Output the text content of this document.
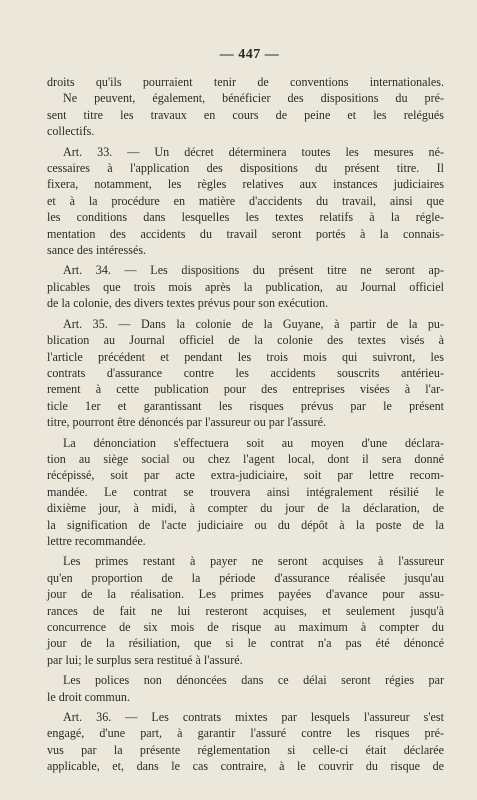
— 447 —
droits qu'ils pourraient tenir de conventions internationales.
Ne peuvent, également, bénéficier des dispositions du pré-
sent titre les travaux en cours de peine et les relégués
collectifs.
Art. 33. — Un décret déterminera toutes les mesures né-
cessaires à l'application des dispositions du présent titre. Il
fixera, notamment, les règles relatives aux instances judiciaires
et à la procédure en matière d'accidents du travail, ainsi que
les conditions dans lesquelles les textes relatifs à la régle-
mentation des accidents du travail seront portés à la connais-
sance des intéressés.
Art. 34. — Les dispositions du présent titre ne seront ap-
plicables que trois mois après la publication, au Journal officiel
de la colonie, des divers textes prévus pour son exécution.
Art. 35. — Dans la colonie de la Guyane, à partir de la pu-
blication au Journal officiel de la colonie des textes visés à
l'article précédent et pendant les trois mois qui suivront, les
contrats d'assurance contre les accidents souscrits antérieu-
rement à cette publication pour des entreprises visées à l'ar-
ticle 1er et garantissant les risques prévus par le présent
titre, pourront être dénoncés par l'assureur ou par l'assuré.
La dénonciation s'effectuera soit au moyen d'une déclara-
tion au siège social ou chez l'agent local, dont il sera donné
récépissé, soit par acte extra-judiciaire, soit par lettre recom-
mandée. Le contrat se trouvera ainsi intégralement résilié le
dixième jour, à midi, à compter du jour de la déclaration, de
la signification de l'acte judiciaire ou du dépôt à la poste de la
lettre recommandée.
Les primes restant à payer ne seront acquises à l'assureur
qu'en proportion de la période d'assurance réalisée jusqu'au
jour de la réalisation. Les primes payées d'avance pour assu-
rances de fait ne lui resteront acquises, et seulement jusqu'à
concurrence de six mois de risque au maximum à compter du
jour de la résiliation, que si le contrat n'a pas été dénoncé
par lui; le surplus sera restitué à l'assuré.
Les polices non dénoncées dans ce délai seront régies par
le droit commun.
Art. 36. — Les contrats mixtes par lesquels l'assureur s'est
engagé, d'une part, à garantir l'assuré contre les risques pré-
vus par la présente réglementation si celle-ci était déclarée
applicable, et, dans le cas contraire, à le couvrir du risque de
